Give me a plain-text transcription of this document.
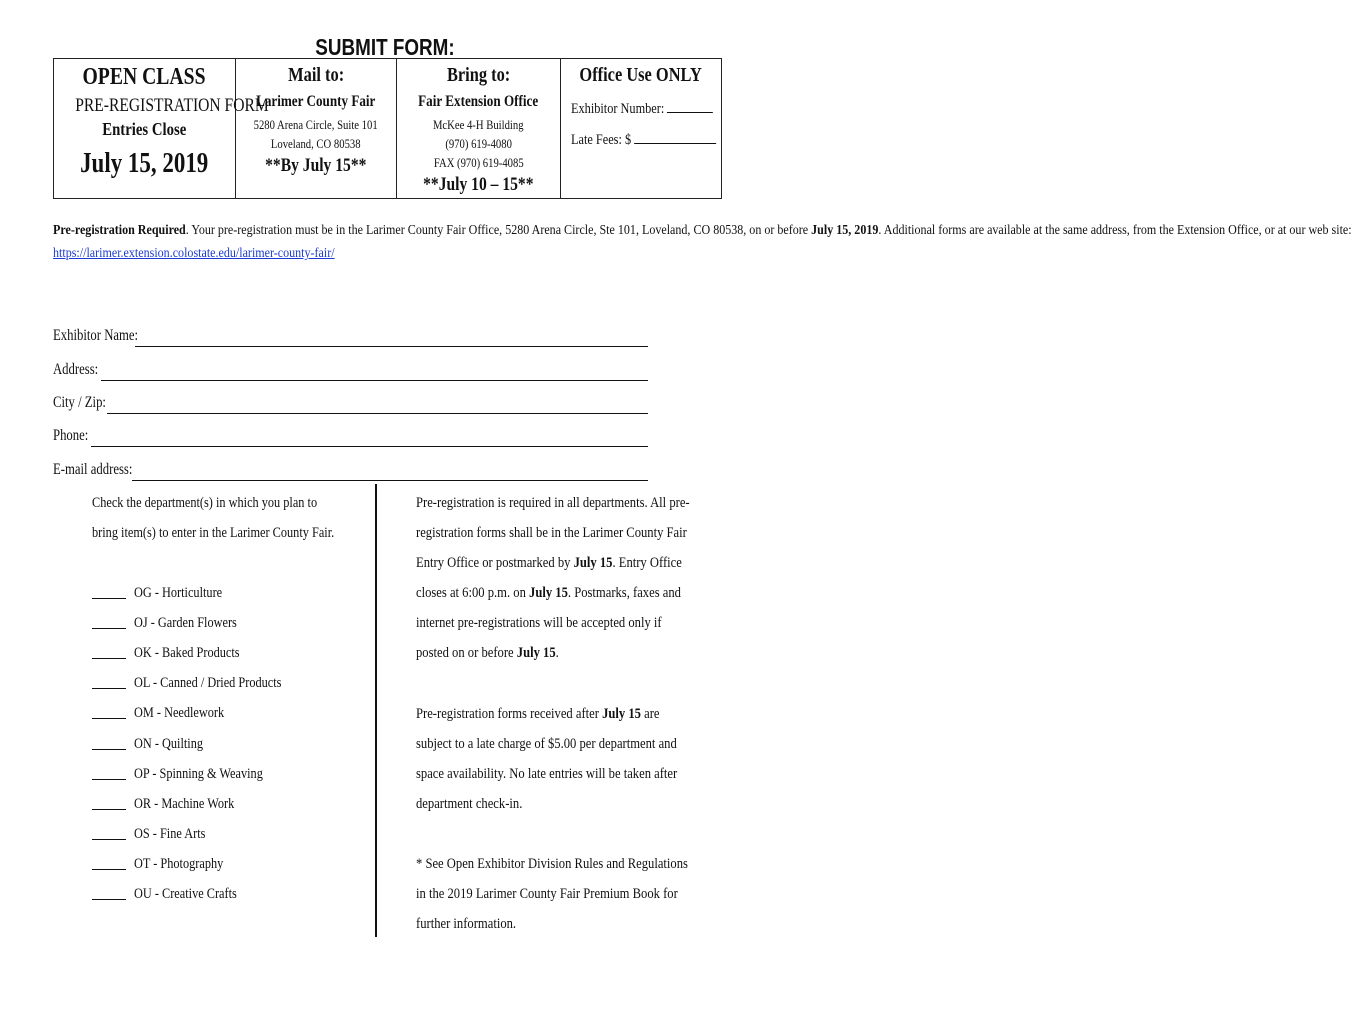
SUBMIT FORM:
OPEN CLASS
PRE-REGISTRATION FORM
Entries Close
July 15, 2019

Mail to:
Larimer County Fair
5280 Arena Circle, Suite 101
Loveland, CO 80538
**By July 15**

Bring to:
Fair Extension Office
McKee 4-H Building
(970) 619-4080
FAX (970) 619-4085
**July 10 – 15**

Office Use ONLY
Exhibitor Number:
Late Fees: $
Pre-registration Required. Your pre-registration must be in the Larimer County Fair Office, 5280 Arena Circle, Ste 101, Loveland, CO 80538, on or before July 15, 2019. Additional forms are available at the same address, from the Extension Office, or at our web site:
https://larimer.extension.colostate.edu/larimer-county-fair/
Exhibitor Name:
Address:
City / Zip:
Phone:
E-mail address:
Check the department(s) in which you plan to bring item(s) to enter in the Larimer County Fair.
OG - Horticulture
OJ - Garden Flowers
OK - Baked Products
OL - Canned / Dried Products
OM - Needlework
ON - Quilting
OP - Spinning & Weaving
OR - Machine Work
OS - Fine Arts
OT - Photography
OU - Creative Crafts

Pre-registration is required in all departments. All pre-registration forms shall be in the Larimer County Fair Entry Office or postmarked by July 15. Entry Office closes at 6:00 p.m. on July 15. Postmarks, faxes and internet pre-registrations will be accepted only if posted on or before July 15.

Pre-registration forms received after July 15 are subject to a late charge of $5.00 per department and space availability. No late entries will be taken after department check-in.

* See Open Exhibitor Division Rules and Regulations in the 2019 Larimer County Fair Premium Book for further information.
